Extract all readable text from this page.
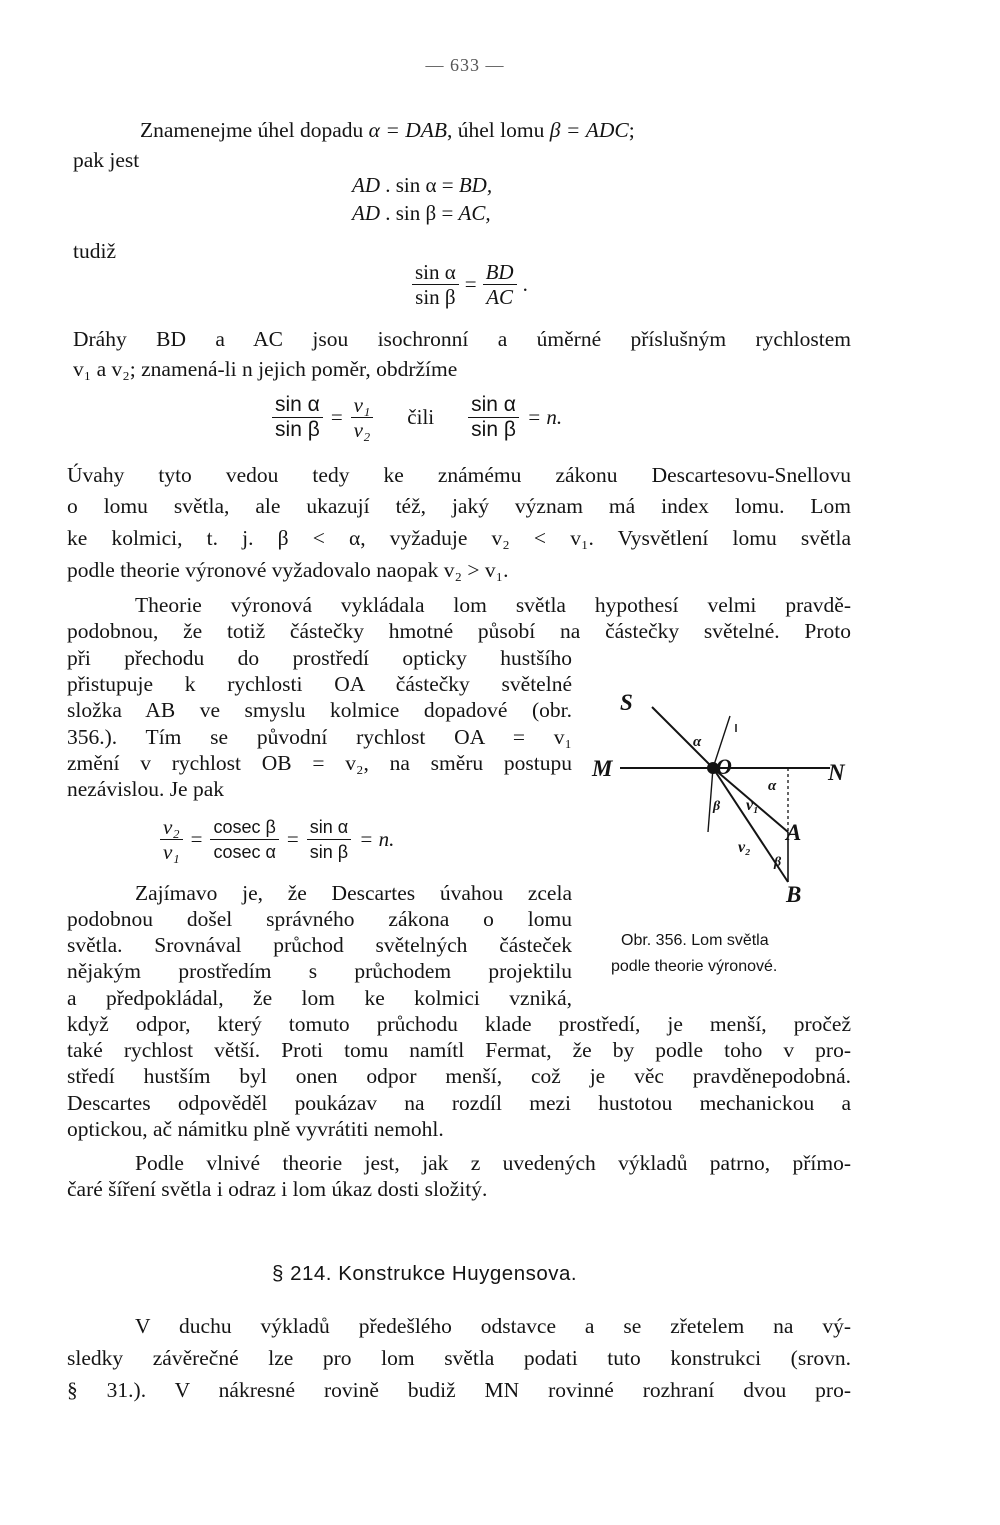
— 633 —
Znamenejme úhel dopadu α = DAB, úhel lomu β = ADC;
pak jest
AD . sin α = BD,
AD . sin β = AC,
tudiž
$\frac{\text{sin α}}{\text{sin β}} = \frac{BD}{AC}$ .
Dráhy BD a AC jsou isochronní a úměrné příslušným rychlostem
v₁ a v₂; znamená-li n jejich poměr, obdržíme
$\frac{\text{sin α}}{\text{sin β}} = \frac{\text{v₁}}{\text{v₂}}$ čili $\frac{\text{sin α}}{\text{sin β}} = n$.
Úvahy tyto vedou tedy ke známému zákonu Descartesovu-Snellovu
o lomu světla, ale ukazují též, jaký význam má index lomu. Lom
ke kolmici, t. j. β < α, vyžaduje v₂ < v₁. Vysvětlení lomu světla
podle theorie výronové vyžadovalo naopak v₂ > v₁.
Theorie výronová vykládala lom světla hypothesí velmi pravdě-
podobnou, že totiž částečky hmotné působí na částečky světelné. Proto
při přechodu do prostředí opticky hustšího
přistupuje k rychlosti OA částečky světelné
složka AB ve smyslu kolmice dopadové (obr.
356.). Tím se původní rychlost OA = v₁
změní v rychlost OB = v₂, na směru postupu
nezávislou. Je pak
$\frac{\text{v₂}}{\text{v₁}} = \frac{\text{cosec β}}{\text{cosec α}} = \frac{\text{sin α}}{\text{sin β}} = n$.
Zajímavo je, že Descartes úvahou zcela
podobnou došel správného zákona o lomu
světla. Srovnával průchod světelných částeček
nějakým prostředím s průchodem projektilu
a předpokládal, že lom ke kolmici vzniká,
když odpor, který tomuto průchodu klade prostředí, je menší, pročež
také rychlost větší. Proti tomu namítl Fermat, že by podle toho v pro-
středí hustším byl onen odpor menší, což je věc pravděnepodobná.
Descartes odpověděl poukázav na rozdíl mezi hustotou mechanickou a
optickou, ač námitku plně vyvrátiti nemohl.
Podle vlnivé theorie jest, jak z uvedených výkladů patrno, přímo-
čaré šíření světla i odraz i lom úkaz dosti složitý.
§ 214. Konstrukce Huygensova.
V duchu výkladů předešlého odstavce a se zřetelem na vý-
sledky závěrečné lze pro lom světla podati tuto konstrukci (srovn.
§ 31.). V nákresné rovině budiž MN rovinné rozhraní dvou pro-
S
M	N
O
A
B
α
α
β
β
v₁
v₂
Obr. 356. Lom světla
podle theorie výronové.
